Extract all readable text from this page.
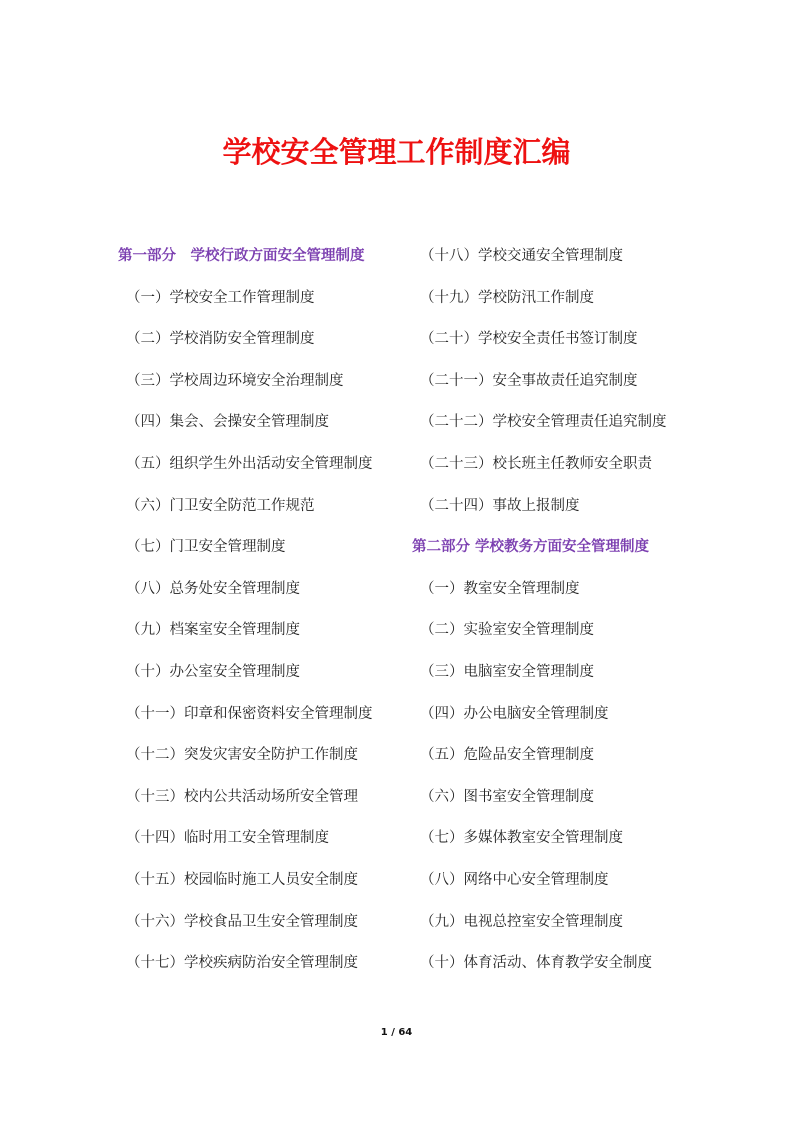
学校安全管理工作制度汇编
第一部分　学校行政方面安全管理制度
（一）学校安全工作管理制度
（二）学校消防安全管理制度
（三）学校周边环境安全治理制度
（四）集会、会操安全管理制度
（五）组织学生外出活动安全管理制度
（六）门卫安全防范工作规范
（七）门卫安全管理制度
（八）总务处安全管理制度
（九）档案室安全管理制度
（十）办公室安全管理制度
（十一）印章和保密资料安全管理制度
（十二）突发灾害安全防护工作制度
（十三）校内公共活动场所安全管理
（十四）临时用工安全管理制度
（十五）校园临时施工人员安全制度
（十六）学校食品卫生安全管理制度
（十七）学校疾病防治安全管理制度
（十八）学校交通安全管理制度
（十九）学校防汛工作制度
（二十）学校安全责任书签订制度
（二十一）安全事故责任追究制度
（二十二）学校安全管理责任追究制度
（二十三）校长班主任教师安全职责
（二十四）事故上报制度
第二部分 学校教务方面安全管理制度
（一）教室安全管理制度
（二）实验室安全管理制度
（三）电脑室安全管理制度
（四）办公电脑安全管理制度
（五）危险品安全管理制度
（六）图书室安全管理制度
（七）多媒体教室安全管理制度
（八）网络中心安全管理制度
（九）电视总控室安全管理制度
（十）体育活动、体育教学安全制度
1 / 64
